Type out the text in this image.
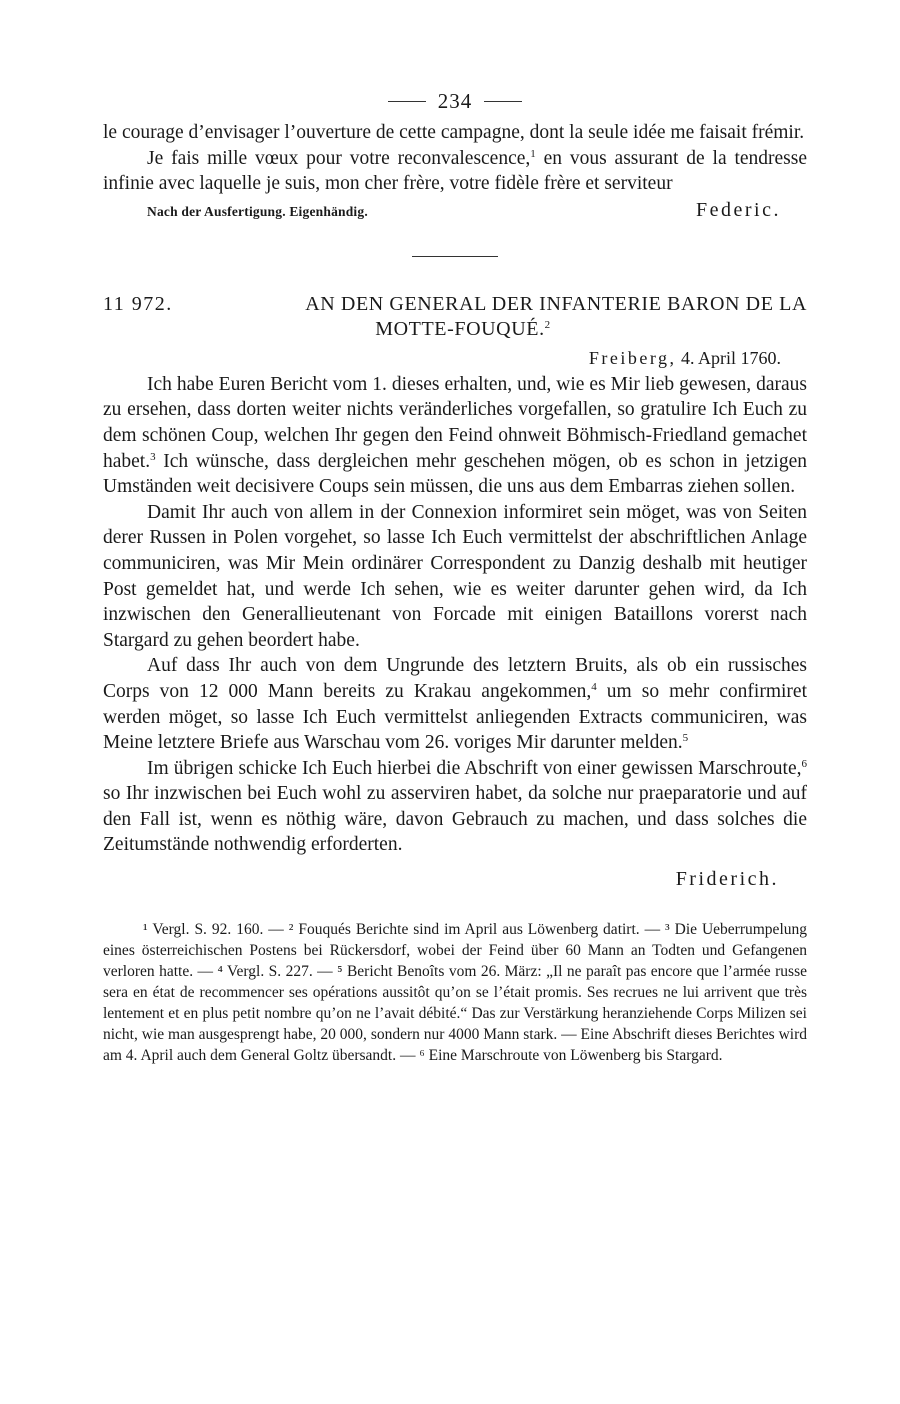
234

le courage d’envisager l’ouverture de cette campagne, dont la seule idée me faisait frémir.

Je fais mille vœux pour votre reconvalescence,$^1$ en vous assurant de la tendresse infinie avec laquelle je suis, mon cher frère, votre fidèle frère et serviteur

Nach der Ausfertigung. Eigenhändig.	Federic.
11 972.	AN DEN GENERAL DER INFANTERIE BARON DE LA
MOTTE-FOUQUÉ.$^2$
Freiberg, 4. April 1760.

Ich habe Euren Bericht vom 1. dieses erhalten, und, wie es Mir lieb gewesen, daraus zu ersehen, dass dorten weiter nichts veränderliches vorgefallen, so gratulire Ich Euch zu dem schönen Coup, welchen Ihr gegen den Feind ohnweit Böhmisch-Friedland gemachet habet.$^3$ Ich wünsche, dass dergleichen mehr geschehen mögen, ob es schon in jetzigen Umständen weit decisivere Coups sein müssen, die uns aus dem Embarras ziehen sollen.

Damit Ihr auch von allem in der Connexion informiret sein möget, was von Seiten derer Russen in Polen vorgehet, so lasse Ich Euch vermittelst der abschriftlichen Anlage communiciren, was Mir Mein ordinärer Correspondent zu Danzig deshalb mit heutiger Post gemeldet hat, und werde Ich sehen, wie es weiter darunter gehen wird, da Ich inzwischen den Generallieutenant von Forcade mit einigen Bataillons vorerst nach Stargard zu gehen beordert habe.

Auf dass Ihr auch von dem Ungrunde des letztern Bruits, als ob ein russisches Corps von 12 000 Mann bereits zu Krakau angekommen,$^4$ um so mehr confirmiret werden möget, so lasse Ich Euch vermittelst anliegenden Extracts communiciren, was Meine letztere Briefe aus Warschau vom 26. voriges Mir darunter melden.$^5$

Im übrigen schicke Ich Euch hierbei die Abschrift von einer gewissen Marschroute,$^6$ so Ihr inzwischen bei Euch wohl zu asserviren habet, da solche nur praeparatorie und auf den Fall ist, wenn es nöthig wäre, davon Gebrauch zu machen, und dass solches die Zeitumstände nothwendig erforderten.

Friderich.

¹ Vergl. S. 92. 160. — ² Fouqués Berichte sind im April aus Löwenberg datirt. — ³ Die Ueberrumpelung eines österreichischen Postens bei Rückersdorf, wobei der Feind über 60 Mann an Todten und Gefangenen verloren hatte. — ⁴ Vergl. S. 227. — ⁵ Bericht Benoîts vom 26. März: „Il ne paraît pas encore que l’armée russe sera en état de recommencer ses opérations aussitôt qu’on se l’était promis. Ses recrues ne lui arrivent que très lentement et en plus petit nombre qu’on ne l’avait débité.“ Das zur Verstärkung heranziehende Corps Milizen sei nicht, wie man ausgesprengt habe, 20 000, sondern nur 4000 Mann stark. — Eine Abschrift dieses Berichtes wird am 4. April auch dem General Goltz übersandt. — ⁶ Eine Marschroute von Löwenberg bis Stargard.
